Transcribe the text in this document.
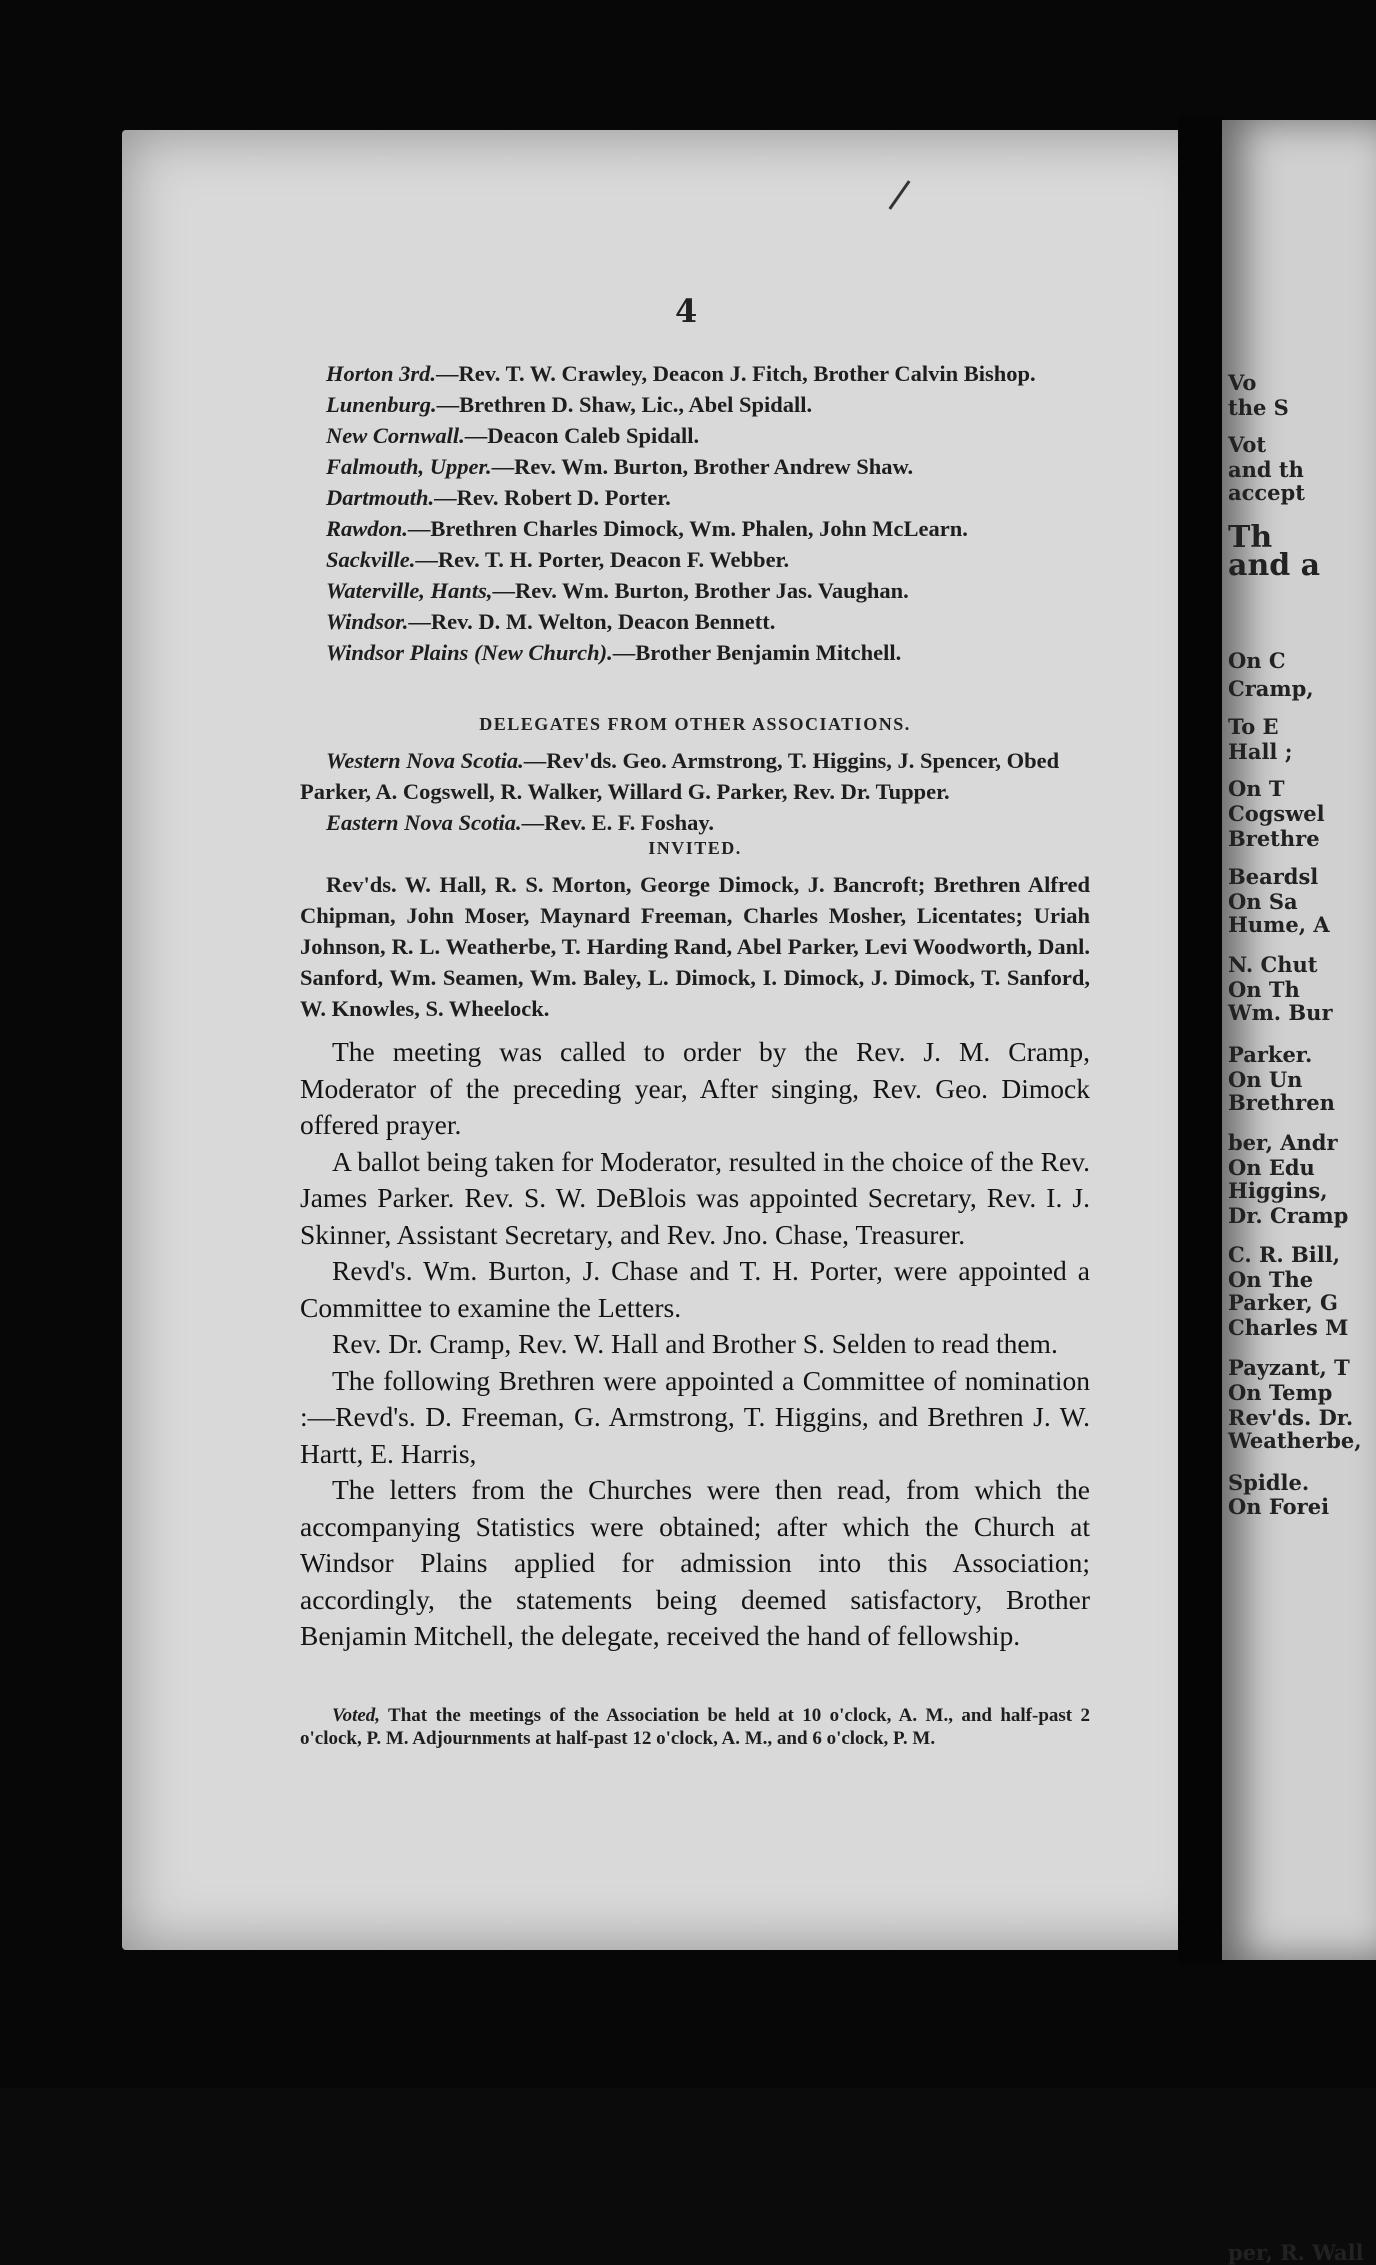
Vo
the S
Vot
and th
accept
Th
and a
On C
Cramp,
To E
Hall ;
On T
Cogswel
Brethre
Beardsl
On Sa
Hume, A
N. Chut
On Th
Wm. Bur
Parker.
On Un
Brethren
ber, Andr
On Edu
Higgins,
Dr. Cramp
C. R. Bill,
On The
Parker, G
Charles M
Payzant, T
On Temp
Rev'ds. Dr.
Weatherbe,
Spidle.
On Forei
per, R. Wall
4

Horton 3rd.—Rev. T. W. Crawley, Deacon J. Fitch, Brother Calvin Bishop.

Lunenburg.—Brethren D. Shaw, Lic., Abel Spidall.

New Cornwall.—Deacon Caleb Spidall.

Falmouth, Upper.—Rev. Wm. Burton, Brother Andrew Shaw.

Dartmouth.—Rev. Robert D. Porter.

Rawdon.—Brethren Charles Dimock, Wm. Phalen, John McLearn.

Sackville.—Rev. T. H. Porter, Deacon F. Webber.

Waterville, Hants,—Rev. Wm. Burton, Brother Jas. Vaughan.

Windsor.—Rev. D. M. Welton, Deacon Bennett.

Windsor Plains (New Church).—Brother Benjamin Mitchell.

DELEGATES FROM OTHER ASSOCIATIONS.

Western Nova Scotia.—Rev'ds. Geo. Armstrong, T. Higgins, J. Spencer, Obed Parker, A. Cogswell, R. Walker, Willard G. Parker, Rev. Dr. Tupper.

Eastern Nova Scotia.—Rev. E. F. Foshay.

INVITED.

Rev'ds. W. Hall, R. S. Morton, George Dimock, J. Bancroft; Brethren Alfred Chipman, John Moser, Maynard Freeman, Charles Mosher, Licentates; Uriah Johnson, R. L. Weatherbe, T. Harding Rand, Abel Parker, Levi Woodworth, Danl. Sanford, Wm. Seamen, Wm. Baley, L. Dimock, I. Dimock, J. Dimock, T. Sanford, W. Knowles, S. Wheelock.

The meeting was called to order by the Rev. J. M. Cramp, Moderator of the preceding year, After singing, Rev. Geo. Dimock offered prayer.

A ballot being taken for Moderator, resulted in the choice of the Rev. James Parker. Rev. S. W. DeBlois was appointed Secretary, Rev. I. J. Skinner, Assistant Secretary, and Rev. Jno. Chase, Treasurer.

Revd's. Wm. Burton, J. Chase and T. H. Porter, were appointed a Committee to examine the Letters.

Rev. Dr. Cramp, Rev. W. Hall and Brother S. Selden to read them.

The following Brethren were appointed a Committee of nomination :—Revd's. D. Freeman, G. Armstrong, T. Higgins, and Brethren J. W. Hartt, E. Harris,

The letters from the Churches were then read, from which the accompanying Statistics were obtained; after which the Church at Windsor Plains applied for admission into this Association; accordingly, the statements being deemed satisfactory, Brother Benjamin Mitchell, the delegate, received the hand of fellowship.

Voted, That the meetings of the Association be held at 10 o'clock, A. M., and half-past 2 o'clock, P. M. Adjournments at half-past 12 o'clock, A. M., and 6 o'clock, P. M.
